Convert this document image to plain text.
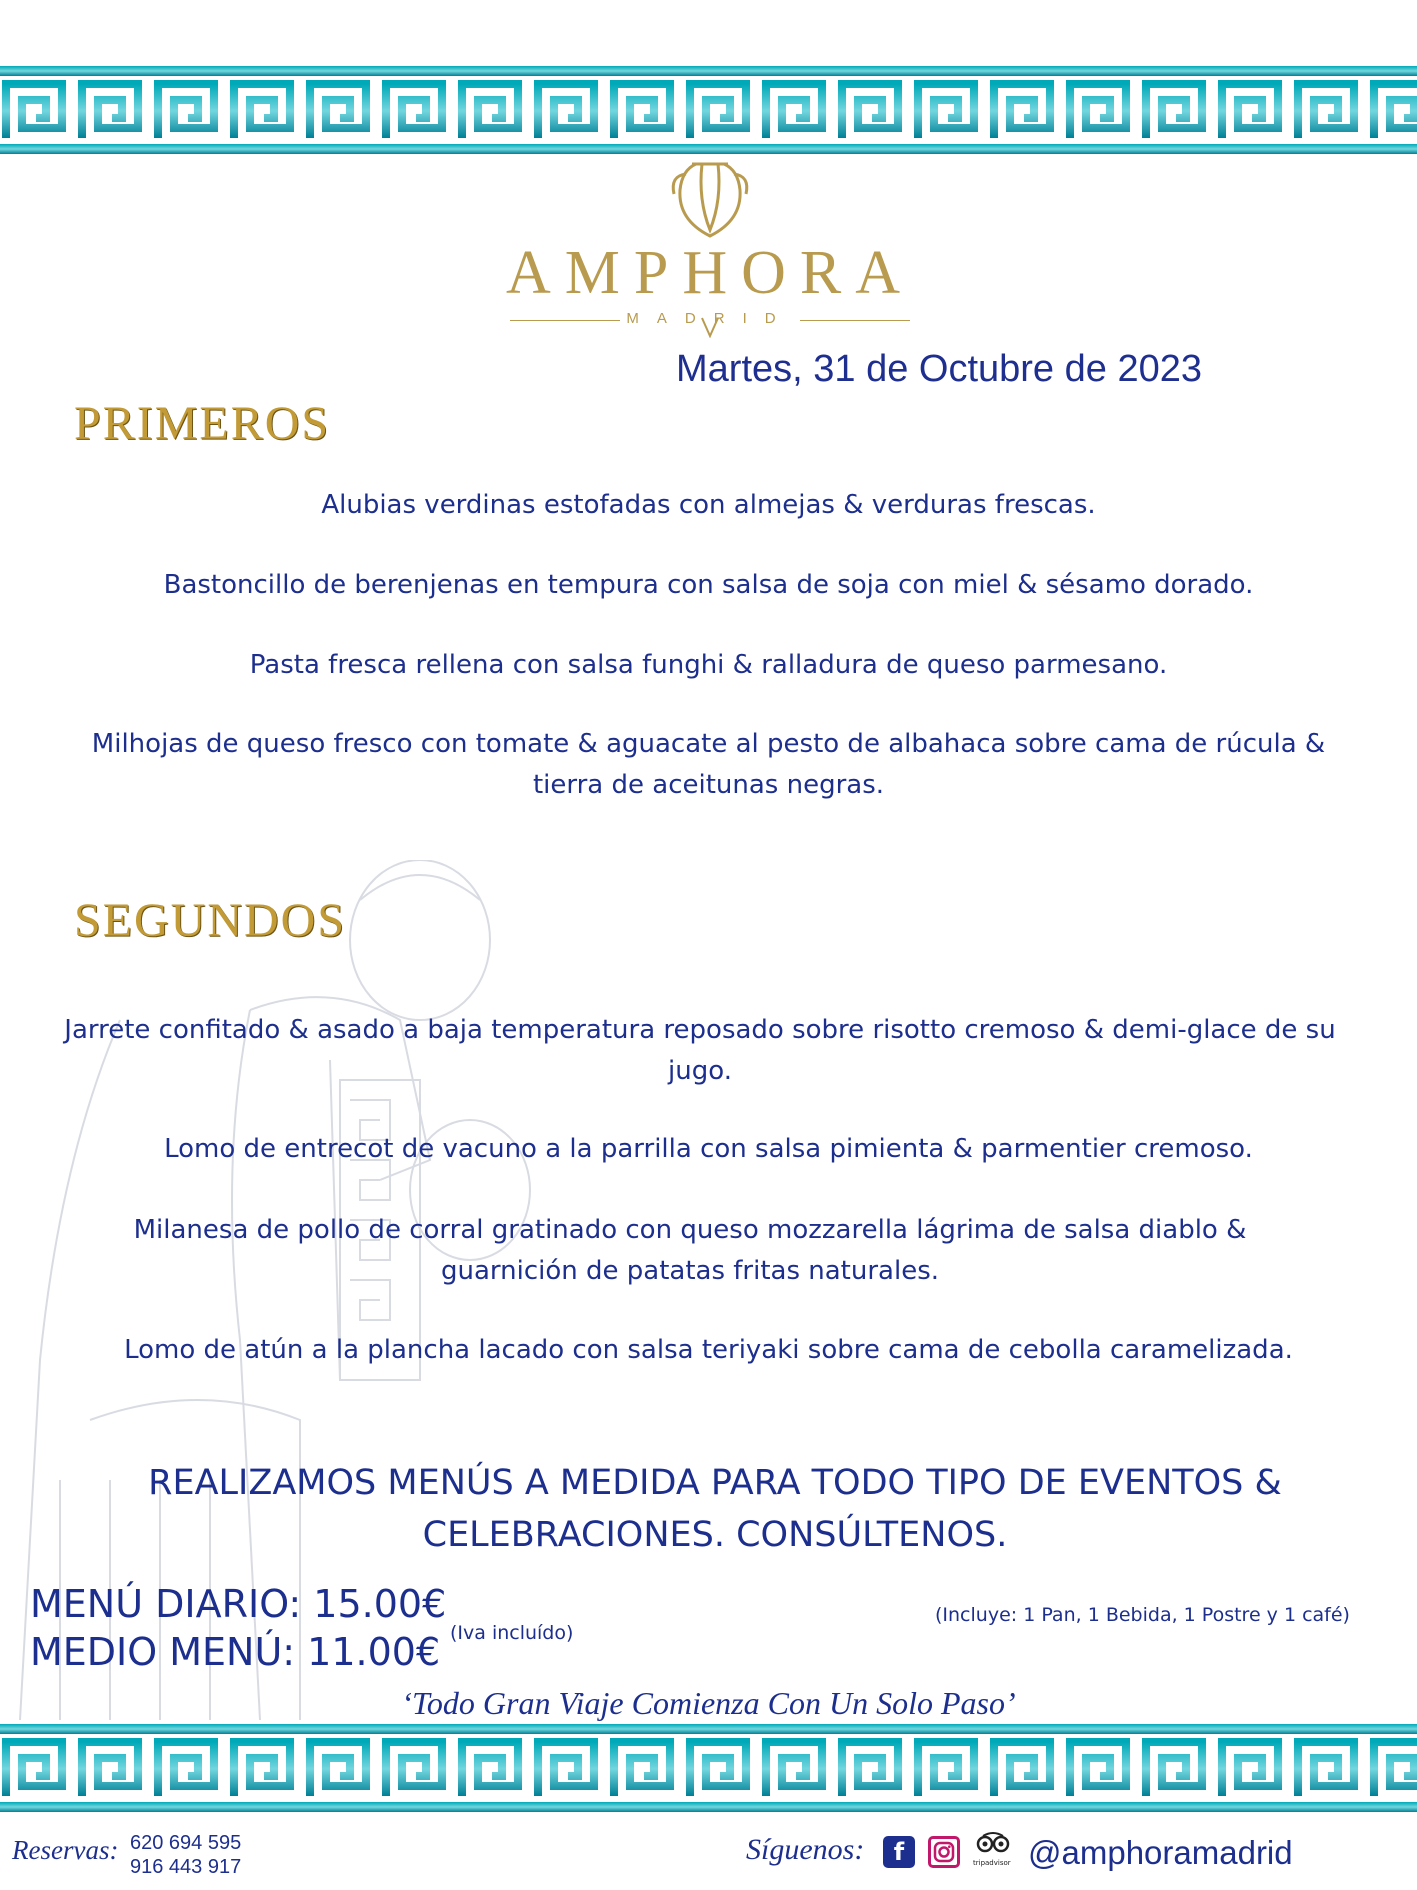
AMPHORA
MADRID
Martes, 31 de Octubre de 2023
PRIMEROS
Alubias verdinas estofadas con almejas & verduras frescas.
Bastoncillo de berenjenas en tempura con salsa de soja con miel & sésamo dorado.
Pasta fresca rellena con salsa funghi & ralladura de queso parmesano.
Milhojas de queso fresco con tomate & aguacate al pesto de albahaca sobre cama de rúcula & tierra de aceitunas negras.
SEGUNDOS
Jarrete confitado & asado a baja temperatura reposado sobre risotto cremoso & demi-glace de su jugo.
Lomo de entrecot de vacuno a la parrilla con salsa pimienta & parmentier cremoso.
Milanesa de pollo de corral gratinado con queso mozzarella lágrima de salsa diablo & guarnición de patatas fritas naturales.
Lomo de atún a la plancha lacado con salsa teriyaki sobre cama de cebolla caramelizada.
REALIZAMOS MENÚS A MEDIDA PARA TODO TIPO DE EVENTOS & CELEBRACIONES. CONSÚLTENOS.
MENÚ DIARIO: 15.00€
MEDIO MENÚ: 11.00€ (Iva incluído)
(Incluye: 1 Pan, 1 Bebida, 1 Postre y 1 café)
‘Todo Gran Viaje Comienza Con Un Solo Paso’
Reservas: 620 694 595
916 443 917
Síguenos: f	tripadvisor @amphoramadrid
